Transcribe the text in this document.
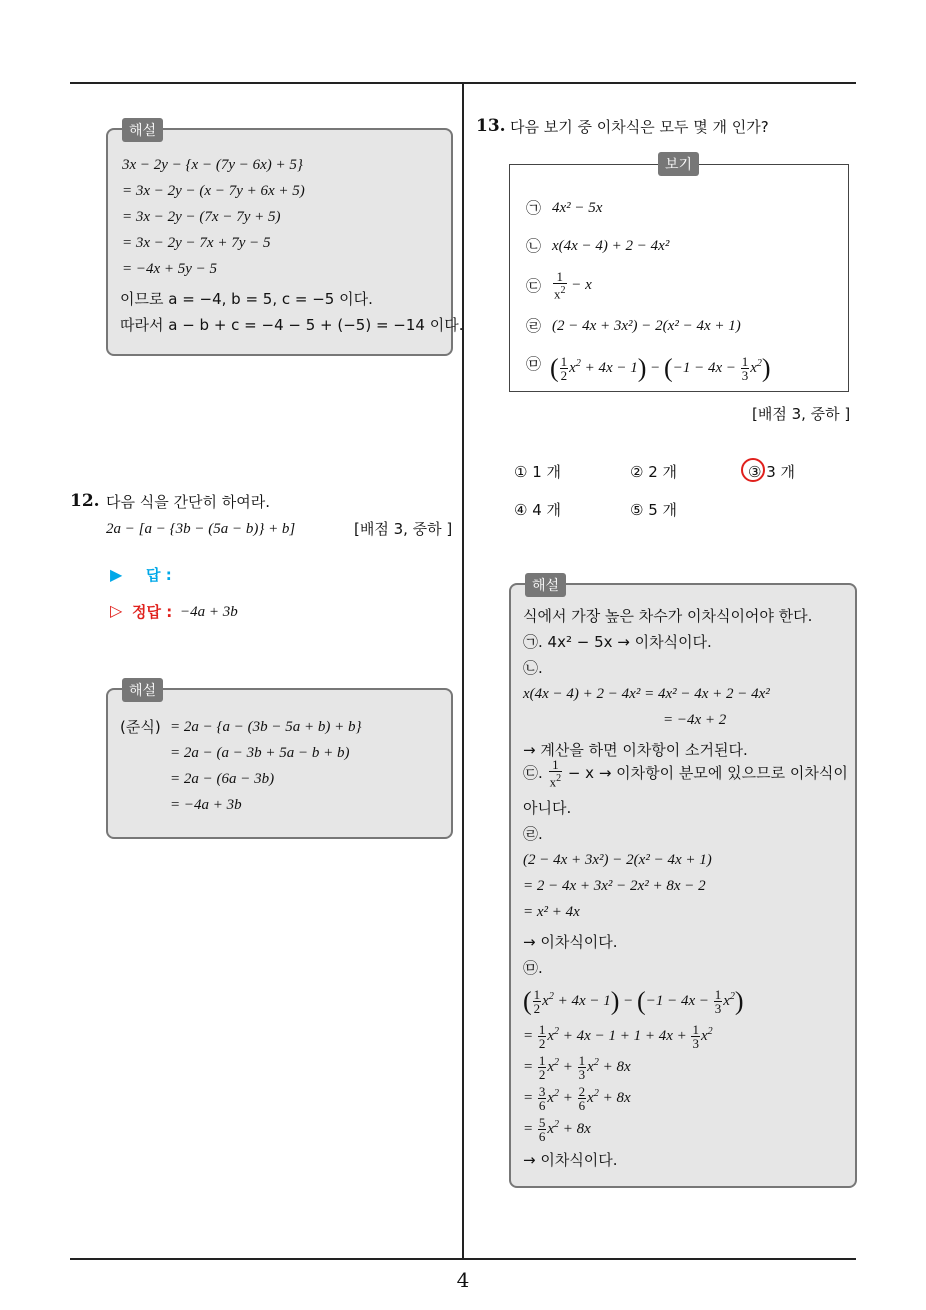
4
해설
3x − 2y − {x − (7y − 6x) + 5}
= 3x − 2y − (x − 7y + 6x + 5)
= 3x − 2y − (7x − 7y + 5)
= 3x − 2y − 7x + 7y − 5
= −4x + 5y − 5
이므로 a = −4, b = 5, c = −5 이다.
따라서 a − b + c = −4 − 5 + (−5) = −14 이다.
12. 다음 식을 간단히 하여라.
2a − [a − {3b − (5a − b)} + b]	[배점 3, 중하 ]
▶ 답 :
▷ 정답 : −4a + 3b
해설
(준식) = 2a − {a − (3b − 5a + b) + b}
= 2a − (a − 3b + 5a − b + b)
= 2a − (6a − 3b)
= −4a + 3b
13. 다음 보기 중 이차식은 모두 몇 개 인가?
보기
㉠ 4x² − 5x
㉡ x(4x − 4) + 2 − 4x²
㉢ $\frac{1}{x^2} - x$
㉣ (2 − 4x + 3x²) − 2(x² − 4x + 1)
㉤ ( $\frac{1}{2} x^2 + 4x - 1) - (-1 - 4x - \frac{1}{3} x^2)$
[배점 3, 중하 ]
① 1 개	② 2 개	③ 3 개
④ 4 개	⑤ 5 개
해설
식에서 가장 높은 차수가 이차식이어야 한다.
㉠. 4x² − 5x → 이차식이다.
㉡.
x(4x − 4) + 2 − 4x² = 4x² − 4x + 2 − 4x²
= −4x + 2
→ 계산을 하면 이차항이 소거된다.
㉢. $\frac{1}{x^2} - x$ → 이차항이 분모에 있으므로 이차식이
아니다.
㉣.
(2 − 4x + 3x²) − 2(x² − 4x + 1)
= 2 − 4x + 3x² − 2x² + 8x − 2
= x² + 4x
→ 이차식이다.
㉤.
( $\frac{1}{2} x^2 + 4x - 1) - (-1 - 4x - \frac{1}{3} x^2)$
= $\frac{1}{2} x^2 + 4x - 1 + 1 + 4x + \frac{1}{3} x^2$
= $\frac{1}{2} x^2 + \frac{1}{3} x^2 + 8x$
= $\frac{3}{6} x^2 + \frac{2}{6} x^2 + 8x$
= $\frac{5}{6} x^2 + 8x$
→ 이차식이다.
